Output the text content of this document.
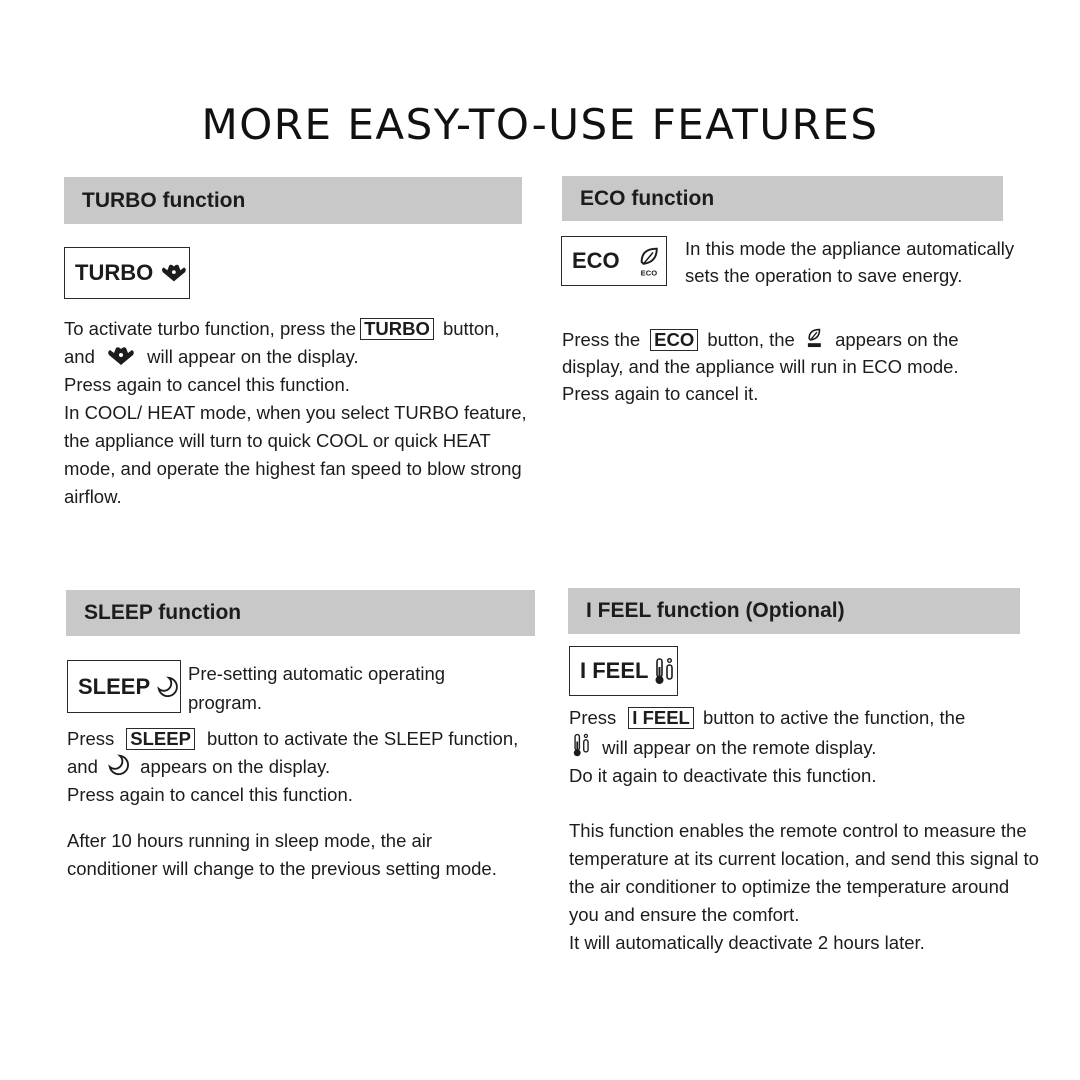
MORE EASY-TO-USE FEATURES
TURBO function
TURBO

To activate turbo function, press the TURBO button, and	will appear on the display.

Press again to cancel this function.

In COOL/ HEAT mode, when you select TURBO feature, the appliance will turn to quick COOL or quick HEAT mode, and operate the highest fan speed to blow strong airflow.

ECO function
ECO	ECO
In this mode the appliance automatically sets the operation to save energy.

Press the ECO button, the appears on the display, and the appliance will run in ECO mode.

Press again to cancel it.

SLEEP function
SLEEP Pre-setting automatic operating program.

Press SLEEP button to activate the SLEEP function, and appears on the display.

Press again to cancel this function.

After 10 hours running in sleep mode, the air conditioner will change to the previous setting mode.

I FEEL function (Optional)
I FEEL

Press I FEEL button to active the function, the

will appear on the remote display.

Do it again to deactivate this function.

This function enables the remote control to measure the temperature at its current location, and send this signal to the air conditioner to optimize the temperature around you and ensure the comfort.

It will automatically deactivate 2 hours later.
